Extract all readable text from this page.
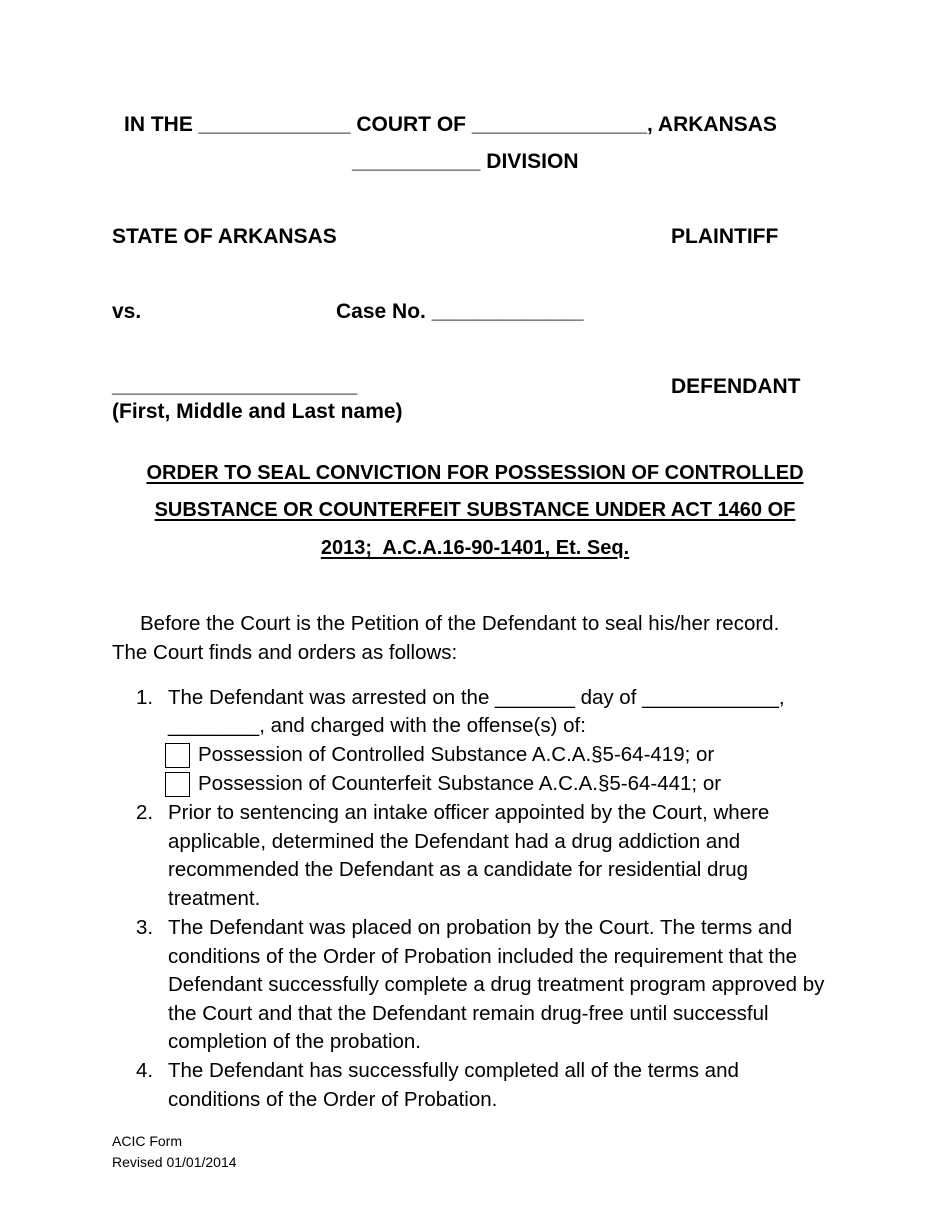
IN THE _____________ COURT OF _______________, ARKANSAS
___________ DIVISION
STATE OF ARKANSAS	PLAINTIFF
vs.	Case No. _____________
_____________________	DEFENDANT
(First, Middle and Last name)
ORDER TO SEAL CONVICTION FOR POSSESSION OF CONTROLLED
SUBSTANCE OR COUNTERFEIT SUBSTANCE UNDER ACT 1460 OF
2013;  A.C.A.16-90-1401, Et. Seq.
Before the Court is the Petition of the Defendant to seal his/her record.
The Court finds and orders as follows:
1. The Defendant was arrested on the _______ day of ____________,
________, and charged with the offense(s) of:
Possession of Controlled Substance A.C.A.§5-64-419; or
Possession of Counterfeit Substance A.C.A.§5-64-441; or
2. Prior to sentencing an intake officer appointed by the Court, where applicable, determined the Defendant had a drug addiction and recommended the Defendant as a candidate for residential drug treatment.
3. The Defendant was placed on probation by the Court. The terms and conditions of the Order of Probation included the requirement that the Defendant successfully complete a drug treatment program approved by the Court and that the Defendant remain drug-free until successful completion of the probation.
4. The Defendant has successfully completed all of the terms and conditions of the Order of Probation.
ACIC Form
Revised 01/01/2014
